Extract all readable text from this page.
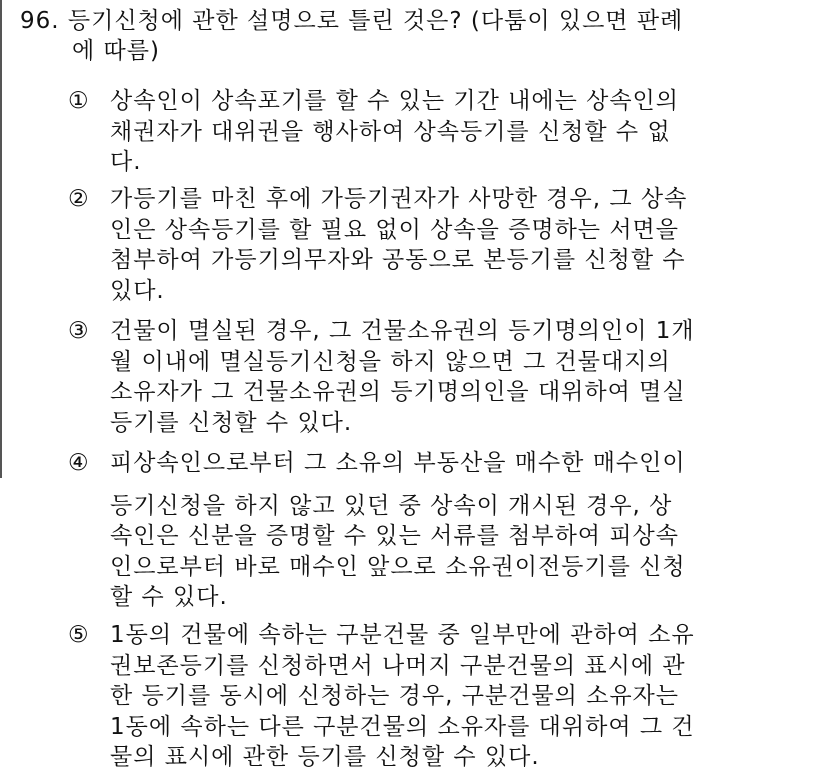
96. 등기신청에 관한 설명으로 틀린 것은? (다툼이 있으면 판례
에 따름)
① 상속인이 상속포기를 할 수 있는 기간 내에는 상속인의
채권자가 대위권을 행사하여 상속등기를 신청할 수 없
다.
② 가등기를 마친 후에 가등기권자가 사망한 경우, 그 상속
인은 상속등기를 할 필요 없이 상속을 증명하는 서면을
첨부하여 가등기의무자와 공동으로 본등기를 신청할 수
있다.
③ 건물이 멸실된 경우, 그 건물소유권의 등기명의인이 1개
월 이내에 멸실등기신청을 하지 않으면 그 건물대지의
소유자가 그 건물소유권의 등기명의인을 대위하여 멸실
등기를 신청할 수 있다.
④ 피상속인으로부터 그 소유의 부동산을 매수한 매수인이
등기신청을 하지 않고 있던 중 상속이 개시된 경우, 상
속인은 신분을 증명할 수 있는 서류를 첨부하여 피상속
인으로부터 바로 매수인 앞으로 소유권이전등기를 신청
할 수 있다.
⑤ 1동의 건물에 속하는 구분건물 중 일부만에 관하여 소유
권보존등기를 신청하면서 나머지 구분건물의 표시에 관
한 등기를 동시에 신청하는 경우, 구분건물의 소유자는
1동에 속하는 다른 구분건물의 소유자를 대위하여 그 건
물의 표시에 관한 등기를 신청할 수 있다.
